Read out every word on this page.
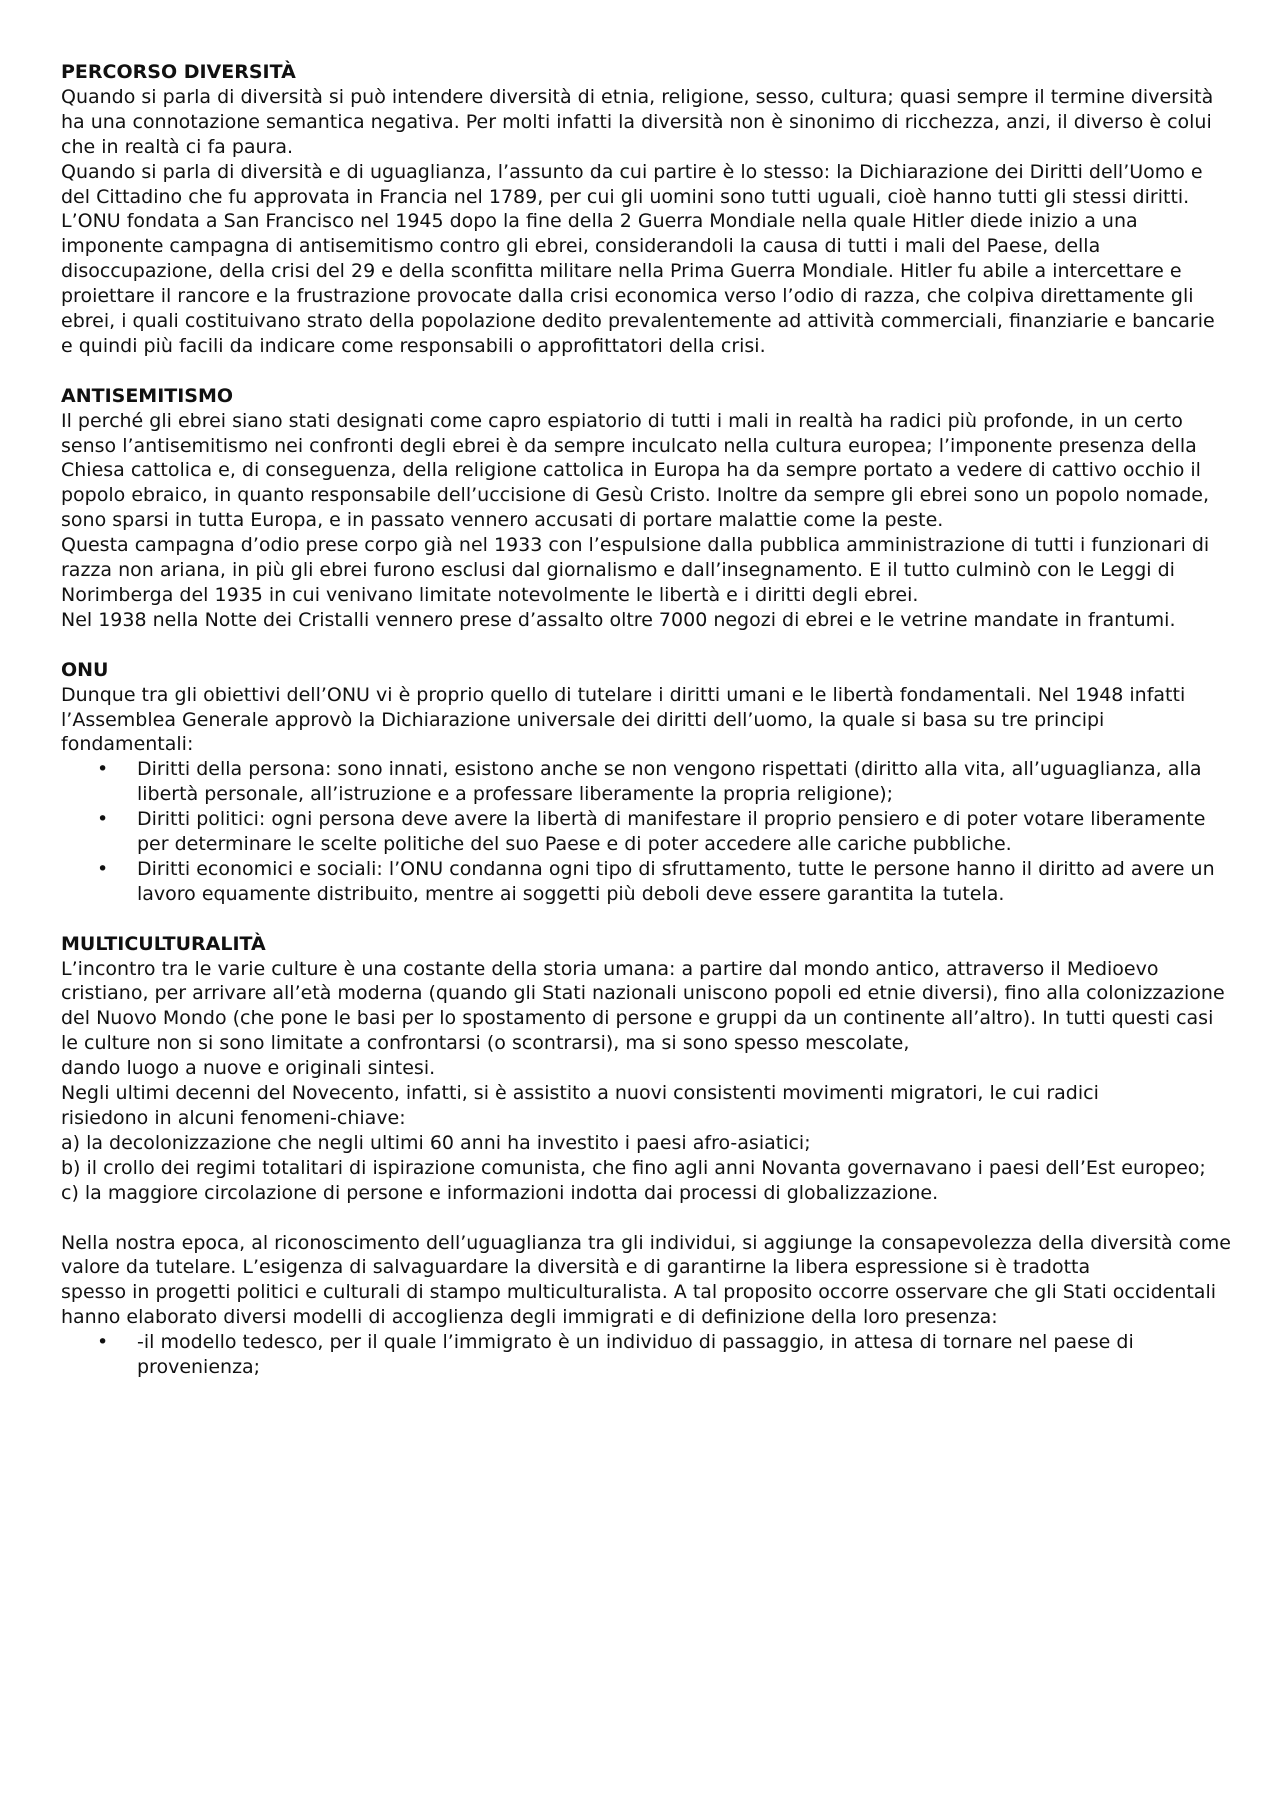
PERCORSO DIVERSITÀ

Quando si parla di diversità si può intendere diversità di etnia, religione, sesso, cultura; quasi sempre il termine diversità ha una connotazione semantica negativa. Per molti infatti la diversità non è sinonimo di ricchezza, anzi, il diverso è colui che in realtà ci fa paura.

Quando si parla di diversità e di uguaglianza, l’assunto da cui partire è lo stesso: la Dichiarazione dei Diritti dell’Uomo e del Cittadino che fu approvata in Francia nel 1789, per cui gli uomini sono tutti uguali, cioè hanno tutti gli stessi diritti.

L’ONU fondata a San Francisco nel 1945 dopo la fine della 2 Guerra Mondiale nella quale Hitler diede inizio a una imponente campagna di antisemitismo contro gli ebrei, considerandoli la causa di tutti i mali del Paese, della disoccupazione, della crisi del 29 e della sconfitta militare nella Prima Guerra Mondiale. Hitler fu abile a intercettare e proiettare il rancore e la frustrazione provocate dalla crisi economica verso l’odio di razza, che colpiva direttamente gli ebrei, i quali costituivano strato della popolazione dedito prevalentemente ad attività commerciali, finanziarie e bancarie e quindi più facili da indicare come responsabili o approfittatori della crisi.

ANTISEMITISMO

Il perché gli ebrei siano stati designati come capro espiatorio di tutti i mali in realtà ha radici più profonde, in un certo senso l’antisemitismo nei confronti degli ebrei è da sempre inculcato nella cultura europea; l’imponente presenza della Chiesa cattolica e, di conseguenza, della religione cattolica in Europa ha da sempre portato a vedere di cattivo occhio il popolo ebraico, in quanto responsabile dell’uccisione di Gesù Cristo. Inoltre da sempre gli ebrei sono un popolo nomade, sono sparsi in tutta Europa, e in passato vennero accusati di portare malattie come la peste.

Questa campagna d’odio prese corpo già nel 1933 con l’espulsione dalla pubblica amministrazione di tutti i funzionari di razza non ariana, in più gli ebrei furono esclusi dal giornalismo e dall’insegnamento. E il tutto culminò con le Leggi di Norimberga del 1935 in cui venivano limitate notevolmente le libertà e i diritti degli ebrei.

Nel 1938 nella Notte dei Cristalli vennero prese d’assalto oltre 7000 negozi di ebrei e le vetrine mandate in frantumi.

ONU

Dunque tra gli obiettivi dell’ONU vi è proprio quello di tutelare i diritti umani e le libertà fondamentali. Nel 1948 infatti l’Assemblea Generale approvò la Dichiarazione universale dei diritti dell’uomo, la quale si basa su tre principi fondamentali:

• Diritti della persona: sono innati, esistono anche se non vengono rispettati (diritto alla vita, all’uguaglianza, alla libertà personale, all’istruzione e a professare liberamente la propria religione);
• Diritti politici: ogni persona deve avere la libertà di manifestare il proprio pensiero e di poter votare liberamente per determinare le scelte politiche del suo Paese e di poter accedere alle cariche pubbliche.
• Diritti economici e sociali: l’ONU condanna ogni tipo di sfruttamento, tutte le persone hanno il diritto ad avere un lavoro equamente distribuito, mentre ai soggetti più deboli deve essere garantita la tutela.
MULTICULTURALITÀ

L’incontro tra le varie culture è una costante della storia umana: a partire dal mondo antico, attraverso il Medioevo cristiano, per arrivare all’età moderna (quando gli Stati nazionali uniscono popoli ed etnie diversi), fino alla colonizzazione del Nuovo Mondo (che pone le basi per lo spostamento di persone e gruppi da un continente all’altro). In tutti questi casi le culture non si sono limitate a confrontarsi (o scontrarsi), ma si sono spesso mescolate,

dando luogo a nuove e originali sintesi.

Negli ultimi decenni del Novecento, infatti, si è assistito a nuovi consistenti movimenti migratori, le cui radici

risiedono in alcuni fenomeni-chiave:

a) la decolonizzazione che negli ultimi 60 anni ha investito i paesi afro-asiatici;

b) il crollo dei regimi totalitari di ispirazione comunista, che fino agli anni Novanta governavano i paesi dell’Est europeo;

c) la maggiore circolazione di persone e informazioni indotta dai processi di globalizzazione.

Nella nostra epoca, al riconoscimento dell’uguaglianza tra gli individui, si aggiunge la consapevolezza della diversità come valore da tutelare. L’esigenza di salvaguardare la diversità e di garantirne la libera espressione si è tradotta

spesso in progetti politici e culturali di stampo multiculturalista. A tal proposito occorre osservare che gli Stati occidentali hanno elaborato diversi modelli di accoglienza degli immigrati e di definizione della loro presenza:

• -il modello tedesco, per il quale l’immigrato è un individuo di passaggio, in attesa di tornare nel paese di provenienza;
